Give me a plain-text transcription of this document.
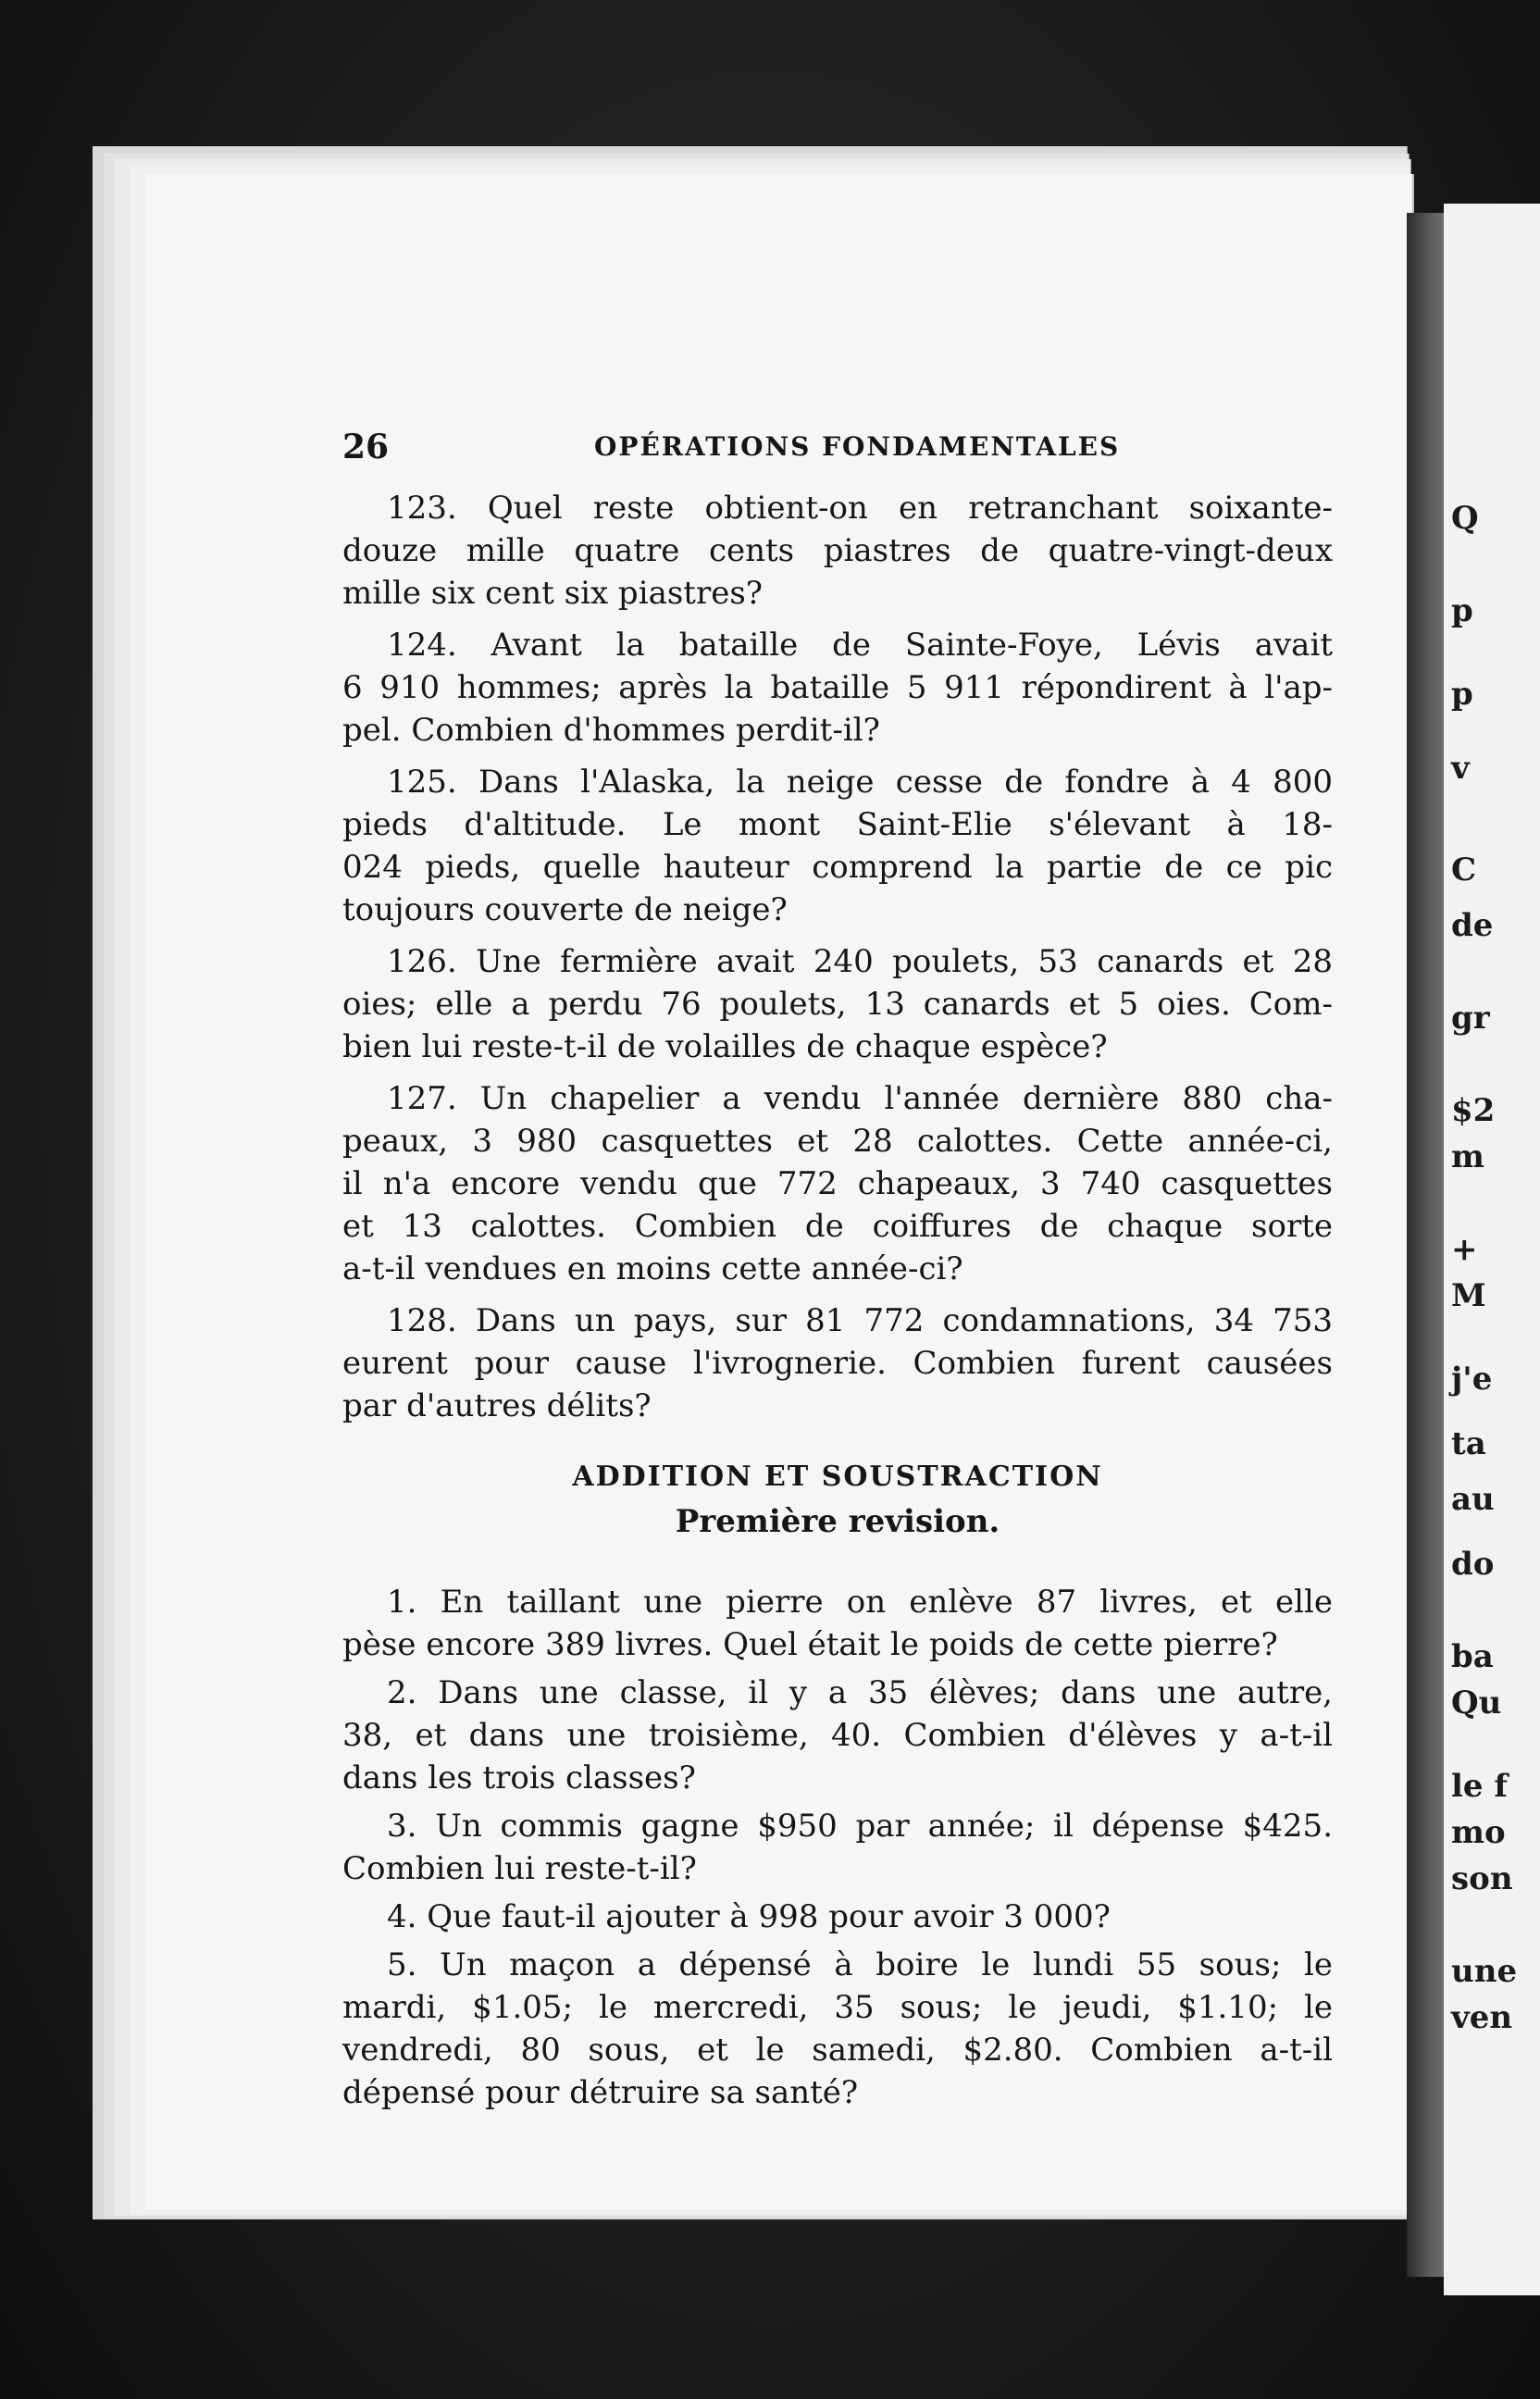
Q
p
p
v
C
de
gr
$2
m
+
M
j'e
ta
au
do
ba
Qu
le f
mo
son
une
ven
26	OPÉRATIONS FONDAMENTALES
123. Quel reste obtient-on en retranchant soixante-
douze mille quatre cents piastres de quatre-vingt-deux
mille six cent six piastres?
124. Avant la bataille de Sainte-Foye, Lévis avait
6 910 hommes; après la bataille 5 911 répondirent à l'ap-
pel. Combien d'hommes perdit-il?
125. Dans l'Alaska, la neige cesse de fondre à 4 800
pieds d'altitude. Le mont Saint-Elie s'élevant à 18-
024 pieds, quelle hauteur comprend la partie de ce pic
toujours couverte de neige?
126. Une fermière avait 240 poulets, 53 canards et 28
oies; elle a perdu 76 poulets, 13 canards et 5 oies. Com-
bien lui reste-t-il de volailles de chaque espèce?
127. Un chapelier a vendu l'année dernière 880 cha-
peaux, 3 980 casquettes et 28 calottes. Cette année-ci,
il n'a encore vendu que 772 chapeaux, 3 740 casquettes
et 13 calottes. Combien de coiffures de chaque sorte
a-t-il vendues en moins cette année-ci?
128. Dans un pays, sur 81 772 condamnations, 34 753
eurent pour cause l'ivrognerie. Combien furent causées
par d'autres délits?
ADDITION ET SOUSTRACTION
Première revision.
1. En taillant une pierre on enlève 87 livres, et elle
pèse encore 389 livres. Quel était le poids de cette pierre?
2. Dans une classe, il y a 35 élèves; dans une autre,
38, et dans une troisième, 40. Combien d'élèves y a-t-il
dans les trois classes?
3. Un commis gagne $950 par année; il dépense $425.
Combien lui reste-t-il?
4. Que faut-il ajouter à 998 pour avoir 3 000?
5. Un maçon a dépensé à boire le lundi 55 sous; le
mardi, $1.05; le mercredi, 35 sous; le jeudi, $1.10; le
vendredi, 80 sous, et le samedi, $2.80. Combien a-t-il
dépensé pour détruire sa santé?
